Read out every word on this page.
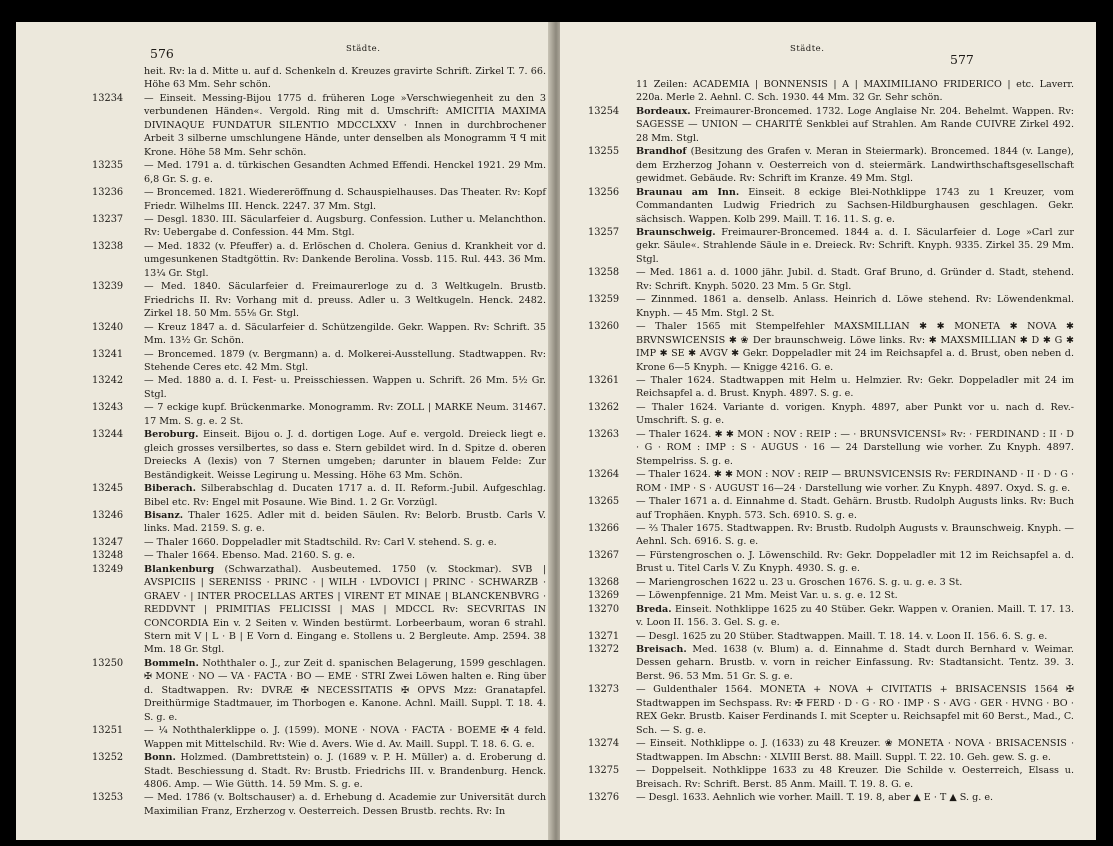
576	Städte.
heit. Rv: la d. Mitte u. auf d. Schenkeln d. Kreuzes gravirte Schrift. Zirkel T. 7. 66. Höhe 63 Mm. Sehr schön.
13234	— Einseit. Messing-Bijou 1775 d. früheren Loge »Verschwiegenheit zu den 3 verbundenen Händen«. Vergold. Ring mit d. Umschrift: AMICITIA MAXIMA DIVINAQUE FUNDATUR SILENTIO MDCCLXXV · Innen in durchbrochener Arbeit 3 silberne umschlungene Hände, unter denselben als Monogramm ꟻ ꟼ mit Krone. Höhe 58 Mm. Sehr schön.
13235	— Med. 1791 a. d. türkischen Gesandten Achmed Effendi. Henckel 1921. 29 Mm. 6,8 Gr. S. g. e.
13236	— Broncemed. 1821. Wiedereröffnung d. Schauspielhauses. Das Theater. Rv: Kopf Friedr. Wilhelms III. Henck. 2247. 37 Mm. Stgl.
13237	— Desgl. 1830. III. Säcularfeier d. Augsburg. Confession. Luther u. Melanchthon. Rv: Uebergabe d. Confession. 44 Mm. Stgl.
13238	— Med. 1832 (v. Pfeuffer) a. d. Erlöschen d. Cholera. Genius d. Krankheit vor d. umgesunkenen Stadtgöttin. Rv: Dankende Berolina. Vossb. 115. Rul. 443. 36 Mm. 13¼ Gr. Stgl.
13239	— Med. 1840. Säcularfeier d. Freimaurerloge zu d. 3 Weltkugeln. Brustb. Friedrichs II. Rv: Vorhang mit d. preuss. Adler u. 3 Weltkugeln. Henck. 2482. Zirkel 18. 50 Mm. 55⅛ Gr. Stgl.
13240	— Kreuz 1847 a. d. Säcularfeier d. Schützengilde. Gekr. Wappen. Rv: Schrift. 35 Mm. 13⅟₂ Gr. Schön.
13241	— Broncemed. 1879 (v. Bergmann) a. d. Molkerei-Ausstellung. Stadtwappen. Rv: Stehende Ceres etc. 42 Mm. Stgl.
13242	— Med. 1880 a. d. I. Fest- u. Preisschiessen. Wappen u. Schrift. 26 Mm. 5½ Gr. Stgl.
13243	— 7 eckige kupf. Brückenmarke. Monogramm. Rv: ZOLL | MARKE Neum. 31467. 17 Mm. S. g. e. 2 St.
13244	Beroburg. Einseit. Bijou o. J. d. dortigen Loge. Auf e. vergold. Dreieck liegt e. gleich grosses versilbertes, so dass e. Stern gebildet wird. In d. Spitze d. oberen Dreiecks A (lexis) von 7 Sternen umgeben; darunter in blauem Felde: Zur Beständigkeit. Weisse Legirung u. Messing. Höhe 63 Mm. Schön.
13245	Biberach. Silberabschlag d. Ducaten 1717 a. d. II. Reform.-Jubil. Aufgeschlag. Bibel etc. Rv: Engel mit Posaune. Wie Bind. 1. 2 Gr. Vorzügl.
13246	Bisanz. Thaler 1625. Adler mit d. beiden Säulen. Rv: Belorb. Brustb. Carls V. links. Mad. 2159. S. g. e.
13247	— Thaler 1660. Doppeladler mit Stadtschild. Rv: Carl V. stehend. S. g. e.
13248	— Thaler 1664. Ebenso. Mad. 2160. S. g. e.
13249	Blankenburg (Schwarzathal). Ausbeutemed. 1750 (v. Stockmar). SVB | AVSPICIIS | SERENISS · PRINC · | WILH · LVDOVICI | PRINC · SCHWARZB · GRAEV · | INTER PROCELLAS ARTES | VIRENT ET MINAE | BLANCKENBVRG · REDDVNT | PRIMITIAS FELICISSI | MAS | MDCCL Rv: SECVRITAS IN CONCORDIA Ein v. 2 Seiten v. Winden bestürmt. Lorbeerbaum, woran 6 strahl. Stern mit V | L · B | E Vorn d. Eingang e. Stollens u. 2 Bergleute. Amp. 2594. 38 Mm. 18 Gr. Stgl.
13250	Bommeln. Noththaler o. J., zur Zeit d. spanischen Belagerung, 1599 geschlagen. ✠ MONE · NO — VA · FACTA · BO — EME · STRI Zwei Löwen halten e. Ring über d. Stadtwappen. Rv: DVRÆ ✠ NECESSITATIS ✠ OPVS Mzz: Granatapfel. Dreithürmige Stadtmauer, im Thorbogen e. Kanone. Achnl. Maill. Suppl. T. 18. 4. S. g. e.
13251	— ¼ Noththalerklippe o. J. (1599). MONE · NOVA · FACTA · BOEME ✠ 4 feld. Wappen mit Mittelschild. Rv: Wie d. Avers. Wie d. Av. Maill. Suppl. T. 18. 6. G. e.
13252	Bonn. Holzmed. (Dambrettstein) o. J. (1689 v. P. H. Müller) a. d. Eroberung d. Stadt. Beschiessung d. Stadt. Rv: Brustb. Friedrichs III. v. Brandenburg. Henck. 4806. Amp. — Wie Gütth. 14. 59 Mm. S. g. e.
13253	— Med. 1786 (v. Boltschauser) a. d. Erhebung d. Academie zur Universität durch Maximilian Franz, Erzherzog v. Oesterreich. Dessen Brustb. rechts. Rv: In
Städte.
577
11 Zeilen: ACADEMIA | BONNENSIS | A | MAXIMILIANO FRIDERICO | etc. Laverr. 220a. Merle 2. Aehnl. C. Sch. 1930. 44 Mm. 32 Gr. Sehr schön.
13254	Bordeaux. Freimaurer-Broncemed. 1732. Loge Anglaise Nr. 204. Behelmt. Wappen. Rv: SAGESSE — UNION — CHARITÉ Senkblei auf Strahlen. Am Rande CUIVRE Zirkel 492. 28 Mm. Stgl.
13255	Brandhof (Besitzung des Grafen v. Meran in Steiermark). Broncemed. 1844 (v. Lange), dem Erzherzog Johann v. Oesterreich von d. steiermärk. Landwirthschaftsgesellschaft gewidmet. Gebäude. Rv: Schrift im Kranze. 49 Mm. Stgl.
13256	Braunau am Inn. Einseit. 8 eckige Blei-Nothklippe 1743 zu 1 Kreuzer, vom Commandanten Ludwig Friedrich zu Sachsen-Hildburghausen geschlagen. Gekr. sächsisch. Wappen. Kolb 299. Maill. T. 16. 11. S. g. e.
13257	Braunschweig. Freimaurer-Broncemed. 1844 a. d. I. Säcularfeier d. Loge »Carl zur gekr. Säule«. Strahlende Säule in e. Dreieck. Rv: Schrift. Knyph. 9335. Zirkel 35. 29 Mm. Stgl.
13258	— Med. 1861 a. d. 1000 jähr. Jubil. d. Stadt. Graf Bruno, d. Gründer d. Stadt, stehend. Rv: Schrift. Knyph. 5020. 23 Mm. 5 Gr. Stgl.
13259	— Zinnmed. 1861 a. denselb. Anlass. Heinrich d. Löwe stehend. Rv: Löwendenkmal. Knyph. — 45 Mm. Stgl. 2 St.
13260	— Thaler 1565 mit Stempelfehler MAXSMILLIAN ✱ ✱ MONETA ✱ NOVA ✱ BRVNSWICENSIS ✱ ❀ Der braunschweig. Löwe links. Rv: ✱ MAXSMILLIAN ✱ D ✱ G ✱ IMP ✱ SE ✱ AVGV ✱ Gekr. Doppeladler mit 24 im Reichsapfel a. d. Brust, oben neben d. Krone 6—5 Knyph. — Knigge 4216. G. e.
13261	— Thaler 1624. Stadtwappen mit Helm u. Helmzier. Rv: Gekr. Doppeladler mit 24 im Reichsapfel a. d. Brust. Knyph. 4897. S. g. e.
13262	— Thaler 1624. Variante d. vorigen. Knyph. 4897, aber Punkt vor u. nach d. Rev.-Umschrift. S. g. e.
13263	— Thaler 1624. ✱ ✱ MON : NOV : REIP : — · BRUNSVICENSI» Rv: · FERDINAND : II · D · G · ROM : IMP : S · AUGUS · 16 — 24 Darstellung wie vorher. Zu Knyph. 4897. Stempelriss. S. g. e.
13264	— Thaler 1624. ✱ ✱ MON : NOV : REIP — BRUNSVICENSIS Rv: FERDINAND · II · D · G · ROM · IMP · S · AUGUST 16—24 · Darstellung wie vorher. Zu Knyph. 4897. Oxyd. S. g. e.
13265	— Thaler 1671 a. d. Einnahme d. Stadt. Gehärn. Brustb. Rudolph Augusts links. Rv: Buch auf Trophäen. Knyph. 573. Sch. 6910. S. g. e.
13266	— ⅔ Thaler 1675. Stadtwappen. Rv: Brustb. Rudolph Augusts v. Braunschweig. Knyph. — Aehnl. Sch. 6916. S. g. e.
13267	— Fürstengroschen o. J. Löwenschild. Rv: Gekr. Doppeladler mit 12 im Reichsapfel a. d. Brust u. Titel Carls V. Zu Knyph. 4930. S. g. e.
13268	— Mariengroschen 1622 u. 23 u. Groschen 1676. S. g. u. g. e. 3 St.
13269	— Löwenpfennige. 21 Mm. Meist Var. u. s. g. e. 12 St.
13270	Breda. Einseit. Nothklippe 1625 zu 40 Stüber. Gekr. Wappen v. Oranien. Maill. T. 17. 13. v. Loon II. 156. 3. Gel. S. g. e.
13271	— Desgl. 1625 zu 20 Stüber. Stadtwappen. Maill. T. 18. 14. v. Loon II. 156. 6. S. g. e.
13272	Breisach. Med. 1638 (v. Blum) a. d. Einnahme d. Stadt durch Bernhard v. Weimar. Dessen geharn. Brustb. v. vorn in reicher Einfassung. Rv: Stadtansicht. Tentz. 39. 3. Berst. 96. 53 Mm. 51 Gr. S. g. e.
13273	— Guldenthaler 1564. MONETA + NOVA + CIVITATIS + BRISACENSIS 1564 ✠ Stadtwappen im Sechspass. Rv: ✠ FERD · D · G · RO · IMP · S · AVG · GER · HVNG · BO · REX Gekr. Brustb. Kaiser Ferdinands I. mit Scepter u. Reichsapfel mit 60 Berst., Mad., C. Sch. — S. g. e.
13274	— Einseit. Nothklippe o. J. (1633) zu 48 Kreuzer. ❀ MONETA · NOVA · BRISACENSIS · Stadtwappen. Im Abschn: · XLVIII Berst. 88. Maill. Suppl. T. 22. 10. Geh. gew. S. g. e.
13275	— Doppelseit. Nothklippe 1633 zu 48 Kreuzer. Die Schilde v. Oesterreich, Elsass u. Breisach. Rv: Schrift. Berst. 85 Anm. Maill. T. 19. 8. G. e.
13276	— Desgl. 1633. Aehnlich wie vorher. Maill. T. 19. 8, aber ▲ E · T ▲ S. g. e.
